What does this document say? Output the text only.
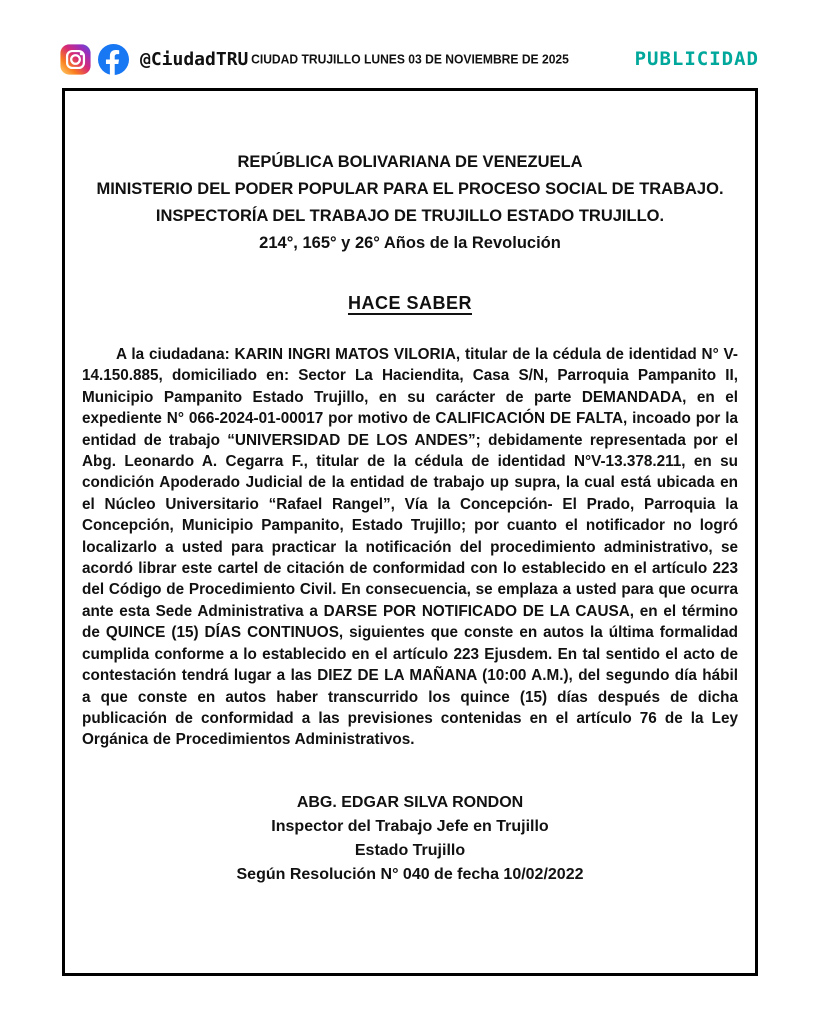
@CiudadTRU CIUDAD TRUJILLO LUNES 03 DE NOVIEMBRE DE 2025	PUBLICIDAD
REPÚBLICA BOLIVARIANA DE VENEZUELA
MINISTERIO DEL PODER POPULAR PARA EL PROCESO SOCIAL DE TRABAJO.
INSPECTORÍA DEL TRABAJO DE TRUJILLO ESTADO TRUJILLO.
214°, 165° y 26° Años de la Revolución
HACE SABER

A la ciudadana: KARIN INGRI MATOS VILORIA, titular de la cédula de identidad N° V- 14.150.885, domiciliado en: Sector La Haciendita, Casa S/N, Parroquia Pampanito II, Municipio Pampanito Estado Trujillo, en su carácter de parte DEMANDADA, en el expediente N° 066-2024-01-00017 por motivo de CALIFICACIÓN DE FALTA, incoado por la entidad de trabajo “UNIVERSIDAD DE LOS ANDES”; debidamente representada por el Abg. Leonardo A. Cegarra F., titular de la cédula de identidad N°V-13.378.211, en su condición Apoderado Judicial de la entidad de trabajo up supra, la cual está ubicada en el Núcleo Universitario “Rafael Rangel”, Vía la Concepción- El Prado, Parroquia la Concepción, Municipio Pampanito, Estado Trujillo; por cuanto el notificador no logró localizarlo a usted para practicar la notificación del procedimiento administrativo, se acordó librar este cartel de citación de conformidad con lo establecido en el artículo 223 del Código de Procedimiento Civil. En consecuencia, se emplaza a usted para que ocurra ante esta Sede Administrativa a DARSE POR NOTIFICADO DE LA CAUSA, en el término de QUINCE (15) DÍAS CONTINUOS, siguientes que conste en autos la última formalidad cumplida conforme a lo establecido en el artículo 223 Ejusdem. En tal sentido el acto de contestación tendrá lugar a las DIEZ DE LA MAÑANA (10:00 A.M.), del segundo día hábil a que conste en autos haber transcurrido los quince (15) días después de dicha publicación de conformidad a las previsiones contenidas en el artículo 76 de la Ley Orgánica de Procedimientos Administrativos.

ABG. EDGAR SILVA RONDON
Inspector del Trabajo Jefe en Trujillo
Estado Trujillo
Según Resolución N° 040 de fecha 10/02/2022
